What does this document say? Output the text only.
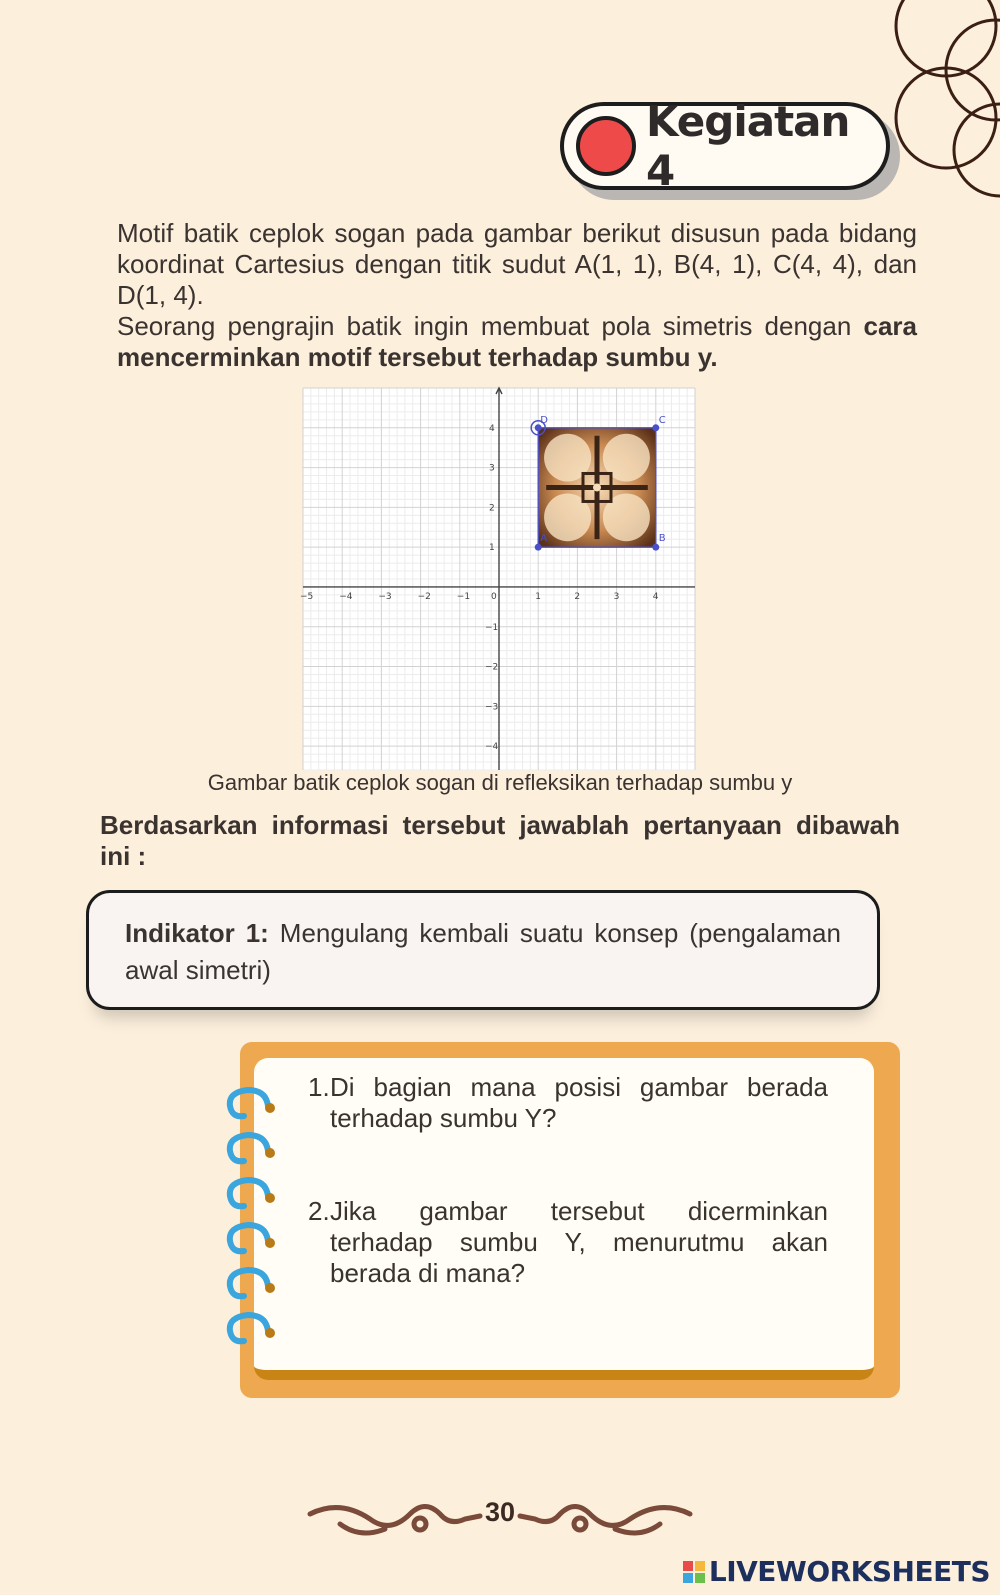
Kegiatan 4
Motif batik ceplok sogan pada gambar berikut disusun pada bidang koordinat Cartesius dengan titik sudut A(1, 1), B(4, 1), C(4, 4), dan D(1, 4).
Seorang pengrajin batik ingin membuat pola simetris dengan cara mencerminkan motif tersebut terhadap sumbu y.
−5	−4	−3	−2	−1 0	1	2	3	4
4
3
2
1
−1
−2
−3
−4
A	B
C
D
Gambar batik ceplok sogan di refleksikan terhadap sumbu y
Berdasarkan informasi tersebut jawablah pertanyaan dibawah ini :

Indikator 1: Mengulang kembali suatu konsep (pengalaman awal simetri)

1. Di bagian mana posisi gambar berada terhadap sumbu Y?
2. Jika gambar tersebut dicerminkan terhadap sumbu Y, menurutmu akan berada di mana?
30
LIVEWORKSHEETS
